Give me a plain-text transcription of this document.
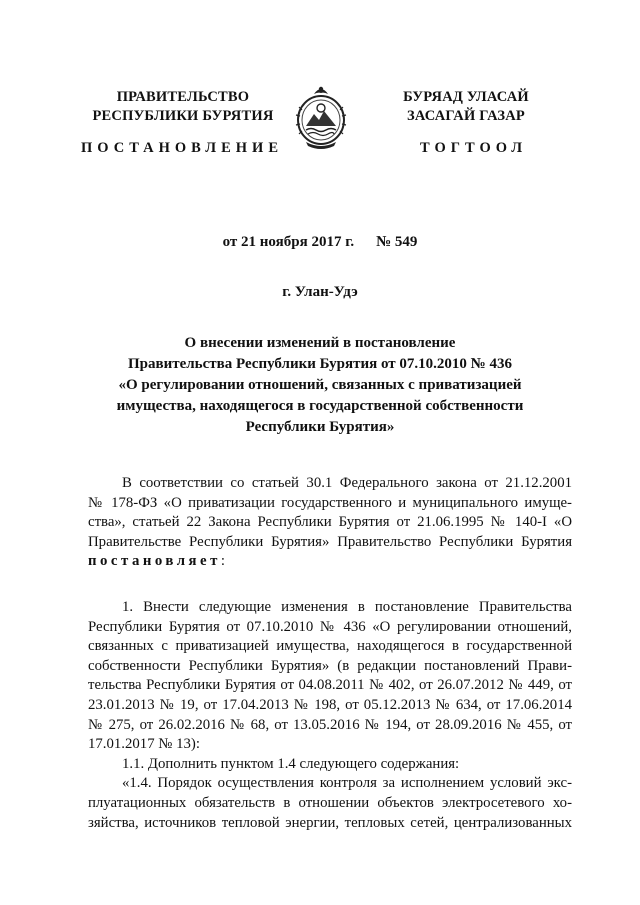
ПРАВИТЕЛЬСТВО
РЕСПУБЛИКИ БУРЯТИЯ
БУРЯАД УЛАСАЙ
ЗАСАГАЙ ГАЗАР
ПОСТАНОВЛЕНИЕ	ТОГТООЛ
от 21 ноября 2017 г. № 549
г. Улан-Удэ
О внесении изменений в постановление
Правительства Республики Бурятия от 07.10.2010 № 436
«О регулировании отношений, связанных с приватизацией
имущества, находящегося в государственной собственности
Республики Бурятия»
В соответствии со статьей 30.1 Федерального закона от 21.12.2001
№ 178-ФЗ «О приватизации государственного и муниципального имуще-
ства», статьей 22 Закона Республики Бурятия от 21.06.1995 № 140-I «О
Правительстве Республики Бурятия» Правительство Республики Бурятия
постановляет:
1. Внести следующие изменения в постановление Правительства
Республики Бурятия от 07.10.2010 № 436 «О регулировании отношений,
связанных с приватизацией имущества, находящегося в государственной
собственности Республики Бурятия» (в редакции постановлений Прави-
тельства Республики Бурятия от 04.08.2011 № 402, от 26.07.2012 № 449, от
23.01.2013 № 19, от 17.04.2013 № 198, от 05.12.2013 № 634, от 17.06.2014
№ 275, от 26.02.2016 № 68, от 13.05.2016 № 194, от 28.09.2016 № 455, от
17.01.2017 № 13):
1.1. Дополнить пунктом 1.4 следующего содержания:
«1.4. Порядок осуществления контроля за исполнением условий экс-
плуатационных обязательств в отношении объектов электросетевого хо-
зяйства, источников тепловой энергии, тепловых сетей, централизованных
